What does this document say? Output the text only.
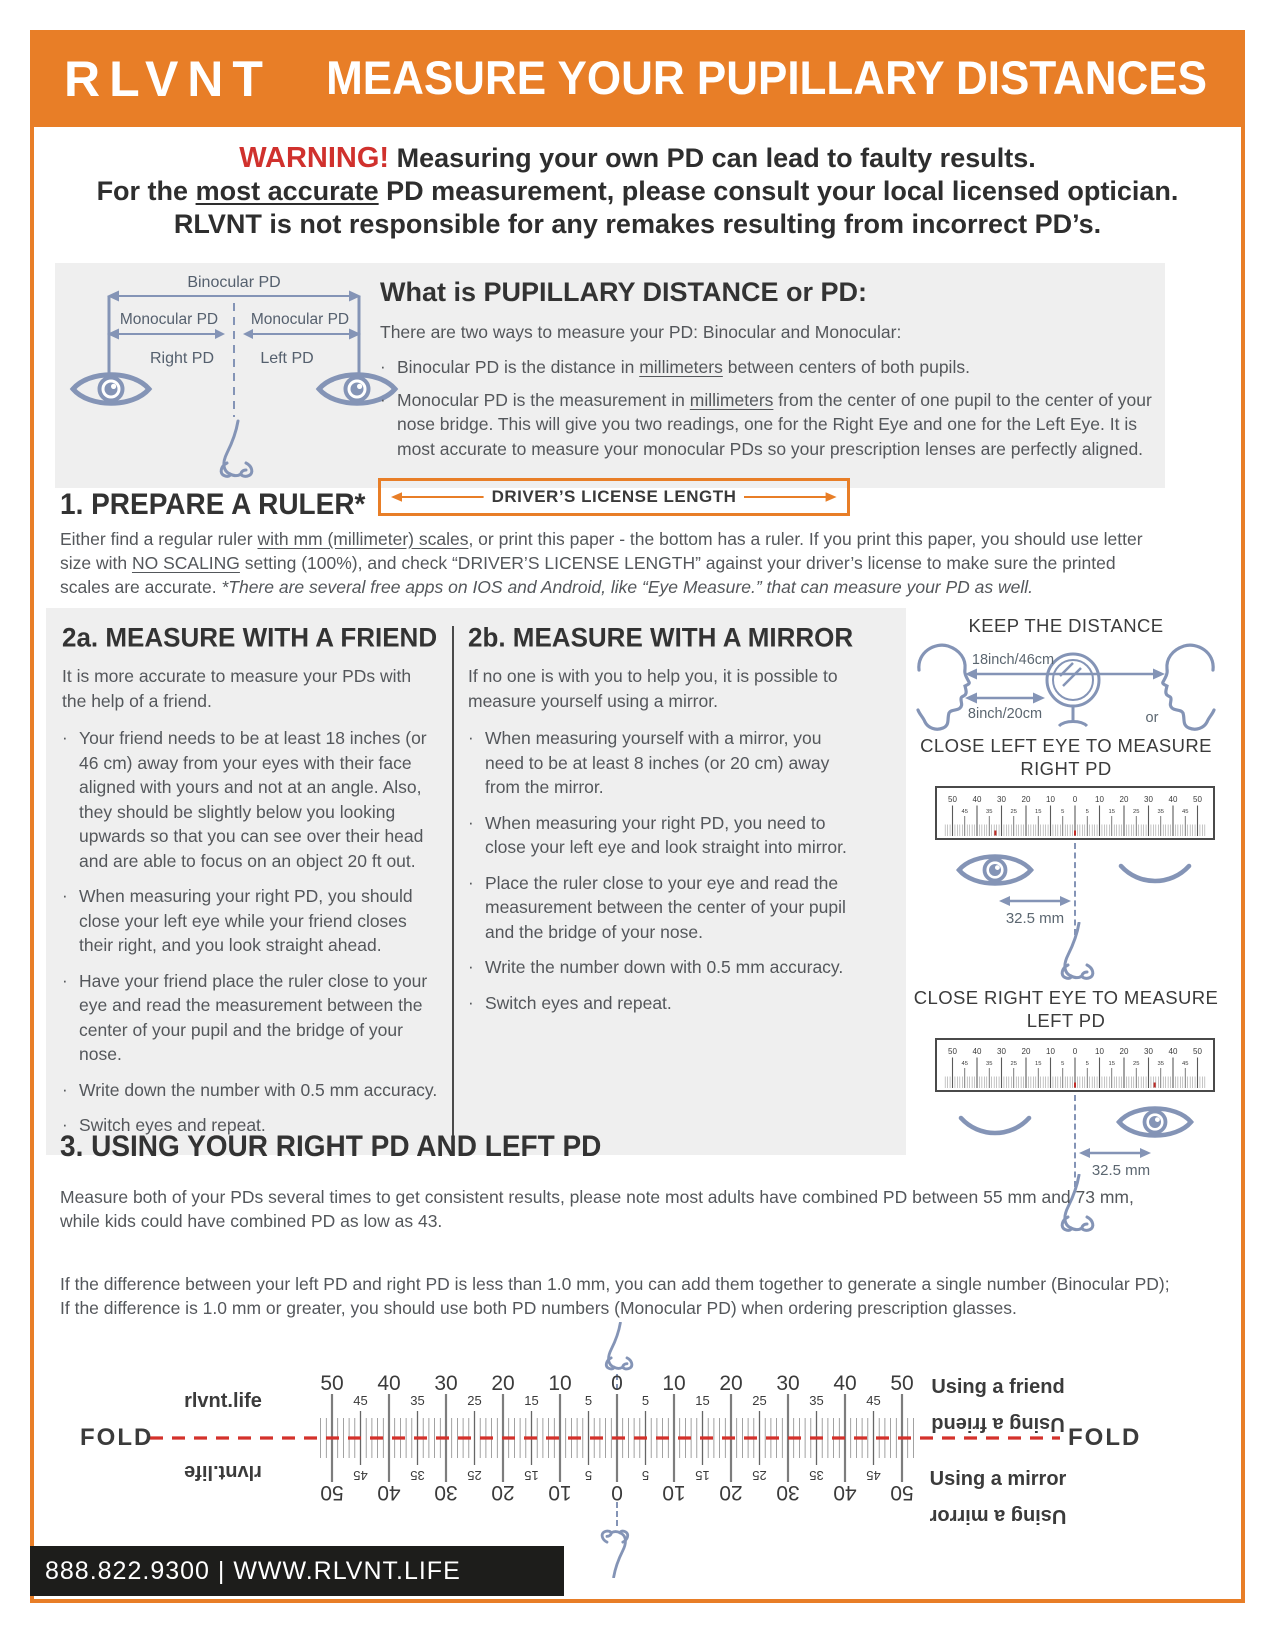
RLVNT MEASURE YOUR PUPILLARY DISTANCES
WARNING! Measuring your own PD can lead to faulty results.
For the most accurate PD measurement, please consult your local licensed optician.
RLVNT is not responsible for any remakes resulting from incorrect PD’s.
Binocular PD
Monocular PD Monocular PD
Right PD	Left PD
What is PUPILLARY DISTANCE or PD:
There are two ways to measure your PD: Binocular and Monocular:
· Binocular PD is the distance in millimeters between centers of both pupils.
· Monocular PD is the measurement in millimeters from the center of one pupil to the center of your nose bridge. This will give you two readings, one for the Right Eye and one for the Left Eye. It is most accurate to measure your monocular PDs so your prescription lenses are perfectly aligned.
1. PREPARE A RULER*	DRIVER’S LICENSE LENGTH
Either find a regular ruler with mm (millimeter) scales, or print this paper - the bottom has a ruler. If you print this paper, you should use letter size with NO SCALING setting (100%), and check “DRIVER’S LICENSE LENGTH” against your driver’s license to make sure the printed scales are accurate. *There are several free apps on IOS and Android, like “Eye Measure.” that can measure your PD as well.
2a. MEASURE WITH A FRIEND
It is more accurate to measure your PDs with the help of a friend.
· Your friend needs to be at least 18 inches (or 46 cm) away from your eyes with their face aligned with yours and not at an angle. Also, they should be slightly below you looking upwards so that you can see over their head and are able to focus on an object 20 ft out.
· When measuring your right PD, you should close your left eye while your friend closes their right, and you look straight ahead.
· Have your friend place the ruler close to your eye and read the measurement between the center of your pupil and the bridge of your nose.
· Write down the number with 0.5 mm accuracy.
· Switch eyes and repeat.
2b. MEASURE WITH A MIRROR
If no one is with you to help you, it is possible to measure yourself using a mirror.
· When measuring yourself with a mirror, you need to be at least 8 inches (or 20 cm) away from the mirror.
· When measuring your right PD, you need to close your left eye and look straight into mirror.
· Place the ruler close to your eye and read the measurement between the center of your pupil and the bridge of your nose.
· Write the number down with 0.5 mm accuracy.
· Switch eyes and repeat.
KEEP THE DISTANCE
18inch/46cm
8inch/20cm	or
CLOSE LEFT EYE TO MEASURE
RIGHT PD
50
45
40
35
30
25
20
15
10
5
0
5
10
15
20
25
30
35
40
45
50
32.5 mm
CLOSE RIGHT EYE TO MEASURE
LEFT PD
50
45
40
35
30
25
20
15
10
5
0
5
10
15
20
25
30
35
40
45
50
32.5 mm
3. USING YOUR RIGHT PD AND LEFT PD
Measure both of your PDs several times to get consistent results, please note most adults have combined PD between 55 mm and 73 mm, while kids could have combined PD as low as 43.
If the difference between your left PD and right PD is less than 1.0 mm, you can add them together to generate a single number (Binocular PD); If the difference is 1.0 mm or greater, you should use both PD numbers (Monocular PD) when ordering prescription glasses.
50
50
45
45
40
40
35
35
30
30
25
25
20
20
15
15
10
10
5
5
0
0
5
5
10
10
15
15
20
20
25
25
30
30
35
35
40
40
45
45
50
50
FOLD	FOLD
rlvnt.life
rlvnt.life
Using a friend
Using a friend
Using a mirror
Using a mirror
888.822.9300 | WWW.RLVNT.LIFE
